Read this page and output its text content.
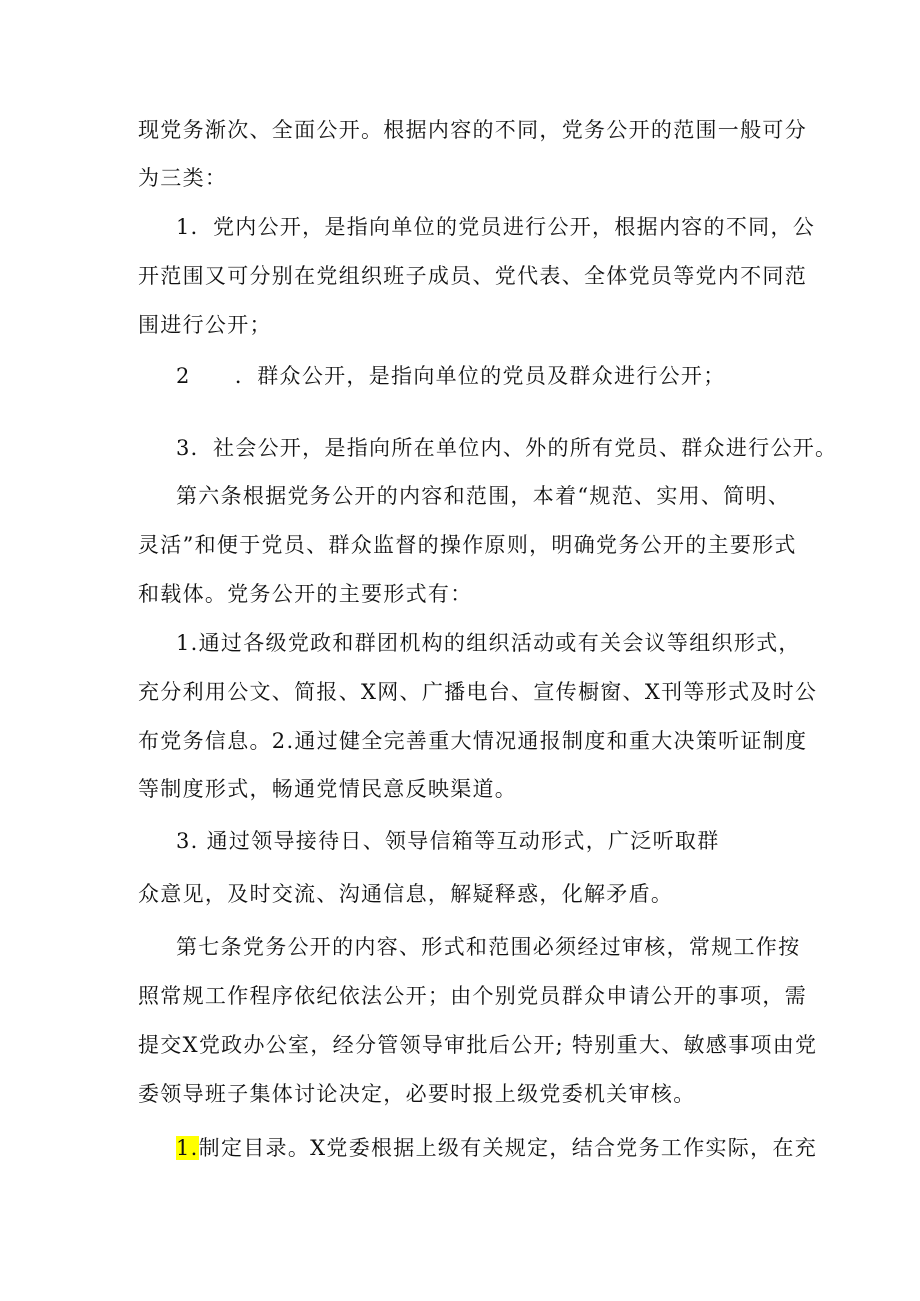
现党务渐次、全面公开。根据内容的不同，党务公开的范围一般可分
为三类：
1．党内公开，是指向单位的党员进行公开，根据内容的不同，公
开范围又可分别在党组织班子成员、党代表、全体党员等党内不同范
围进行公开；
2　 ．群众公开，是指向单位的党员及群众进行公开；
3．社会公开，是指向所在单位内、外的所有党员、群众进行公开。
第六条根据党务公开的内容和范围，本着“规范、实用、简明、
灵活”和便于党员、群众监督的操作原则，明确党务公开的主要形式
和载体。党务公开的主要形式有：
1.通过各级党政和群团机构的组织活动或有关会议等组织形式，
充分利用公文、简报、X网、广播电台、宣传橱窗、X刊等形式及时公
布党务信息。2.通过健全完善重大情况通报制度和重大决策听证制度
等制度形式，畅通党情民意反映渠道。
3. 通过领导接待日、领导信箱等互动形式，广泛听取群
众意见，及时交流、沟通信息，解疑释惑，化解矛盾。
第七条党务公开的内容、形式和范围必须经过审核，常规工作按
照常规工作程序依纪依法公开；由个别党员群众申请公开的事项，需
提交X党政办公室，经分管领导审批后公开; 特别重大、敏感事项由党
委领导班子集体讨论决定，必要时报上级党委机关审核。
1.制定目录。X党委根据上级有关规定，结合党务工作实际，在充
